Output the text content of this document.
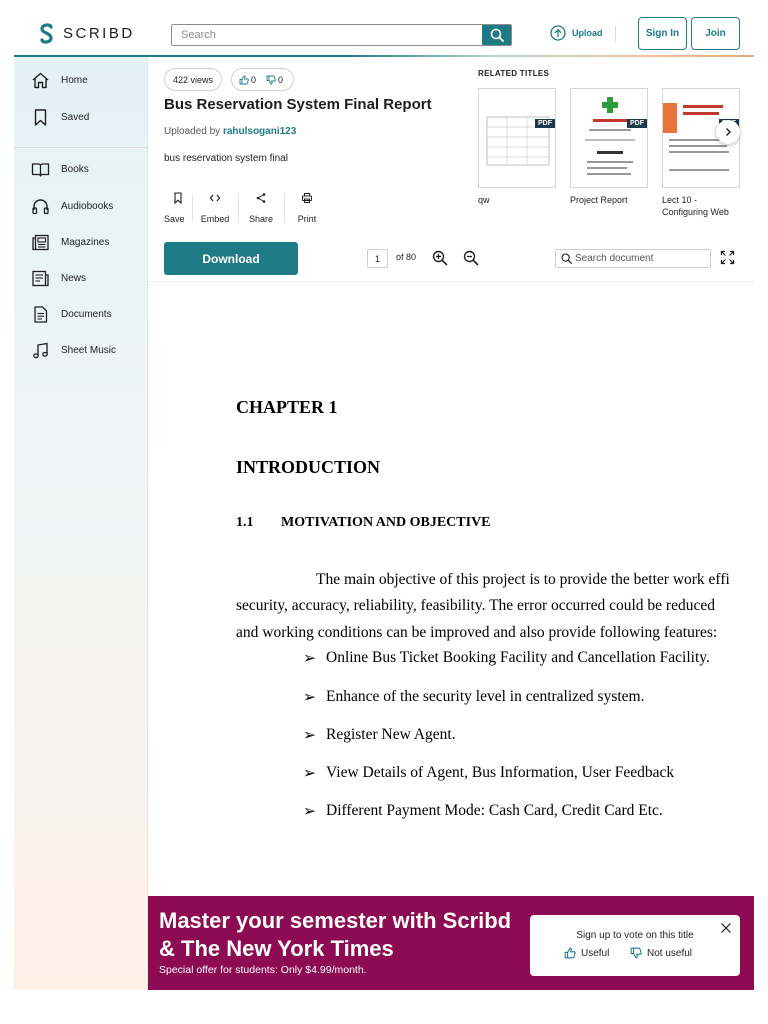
SCRIBD
Search	Upload	Sign In	Join
Home
Saved
Books
Audiobooks
Magazines
News
Documents
Sheet Music
422 views	0 0
Bus Reservation System Final Report
Uploaded by rahulsogani123
bus reservation system final
Save Embed Share	Print
Download	1	of 80
Search document
RELATED TITLES
PDF
qw
PDF
Project Report	Lect 10 - Configuring Web
CHAPTER 1
INTRODUCTION
1.1 MOTIVATION AND OBJECTIVE
The main objective of this project is to provide the better work effi
security, accuracy, reliability, feasibility. The error occurred could be reduced
and working conditions can be improved and also provide following features:
➢ Online Bus Ticket Booking Facility and Cancellation Facility.
➢ Enhance of the security level in centralized system.
➢ Register New Agent.
➢ View Details of Agent, Bus Information, User Feedback
➢ Different Payment Mode: Cash Card, Credit Card Etc.
Master your semester with Scribd & The New York Times
Special offer for students: Only $4.99/month.
Sign up to vote on this title
Useful	Not useful
